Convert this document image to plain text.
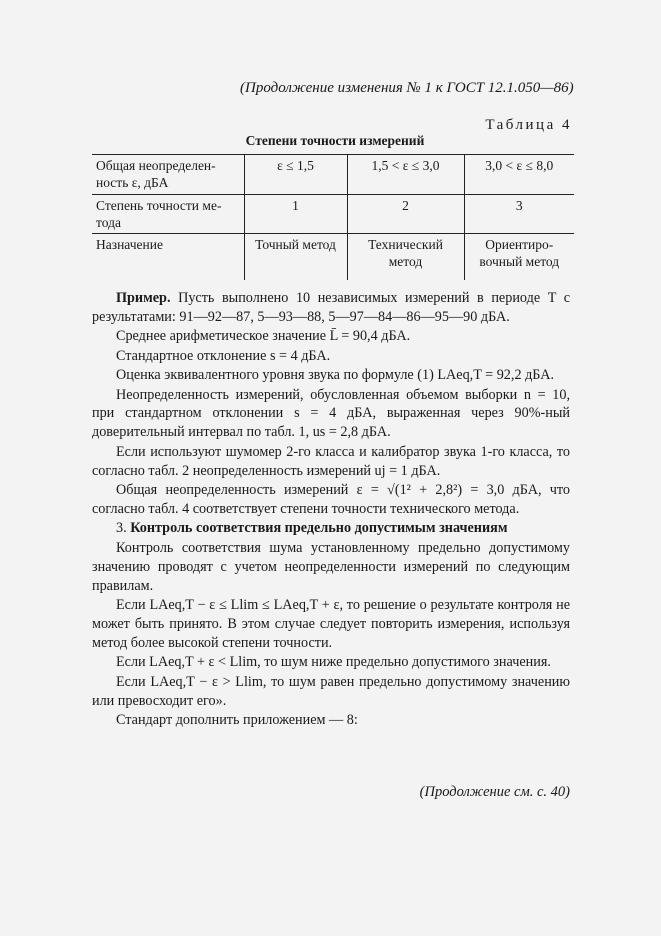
(Продолжение изменения № 1 к ГОСТ 12.1.050—86)
Таблица 4
Степени точности измерений
Общая неопределен-ность ε, дБА	ε ≤ 1,5	1,5 < ε ≤ 3,0	3,0 < ε ≤ 8,0
Степень точности ме-тода	1	2	3
Назначение	Точный метод	Технический метод	Ориентиро-вочный метод

Пример. Пусть выполнено 10 независимых измерений в периоде T с результатами: 91—92—87, 5—93—88, 5—97—84—86—95—90 дБА.

Среднее арифметическое значение L̄ = 90,4 дБА.

Стандартное отклонение s = 4 дБА.

Оценка эквивалентного уровня звука по формуле (1) LAeq,T = 92,2 дБА.

Неопределенность измерений, обусловленная объемом выборки n = 10, при стандартном отклонении s = 4 дБА, выраженная через 90%-ный доверительный интервал по табл. 1, us = 2,8 дБА.

Если используют шумомер 2-го класса и калибратор звука 1-го класса, то согласно табл. 2 неопределенность измерений uj = 1 дБА.

Общая неопределенность измерений ε = √(1² + 2,8²) = 3,0 дБА, что согласно табл. 4 соответствует степени точности технического метода.

3. Контроль соответствия предельно допустимым значениям

Контроль соответствия шума установленному предельно допустимому значению проводят с учетом неопределенности измерений по следующим правилам.

Если LAeq,T − ε ≤ Llim ≤ LAeq,T + ε, то решение о результате контроля не может быть принято. В этом случае следует повторить измерения, используя метод более высокой степени точности.

Если LAeq,T + ε < Llim, то шум ниже предельно допустимого значения.

Если LAeq,T − ε > Llim, то шум равен предельно допустимому значению или превосходит его».

Стандарт дополнить приложением — 8:

(Продолжение см. с. 40)
